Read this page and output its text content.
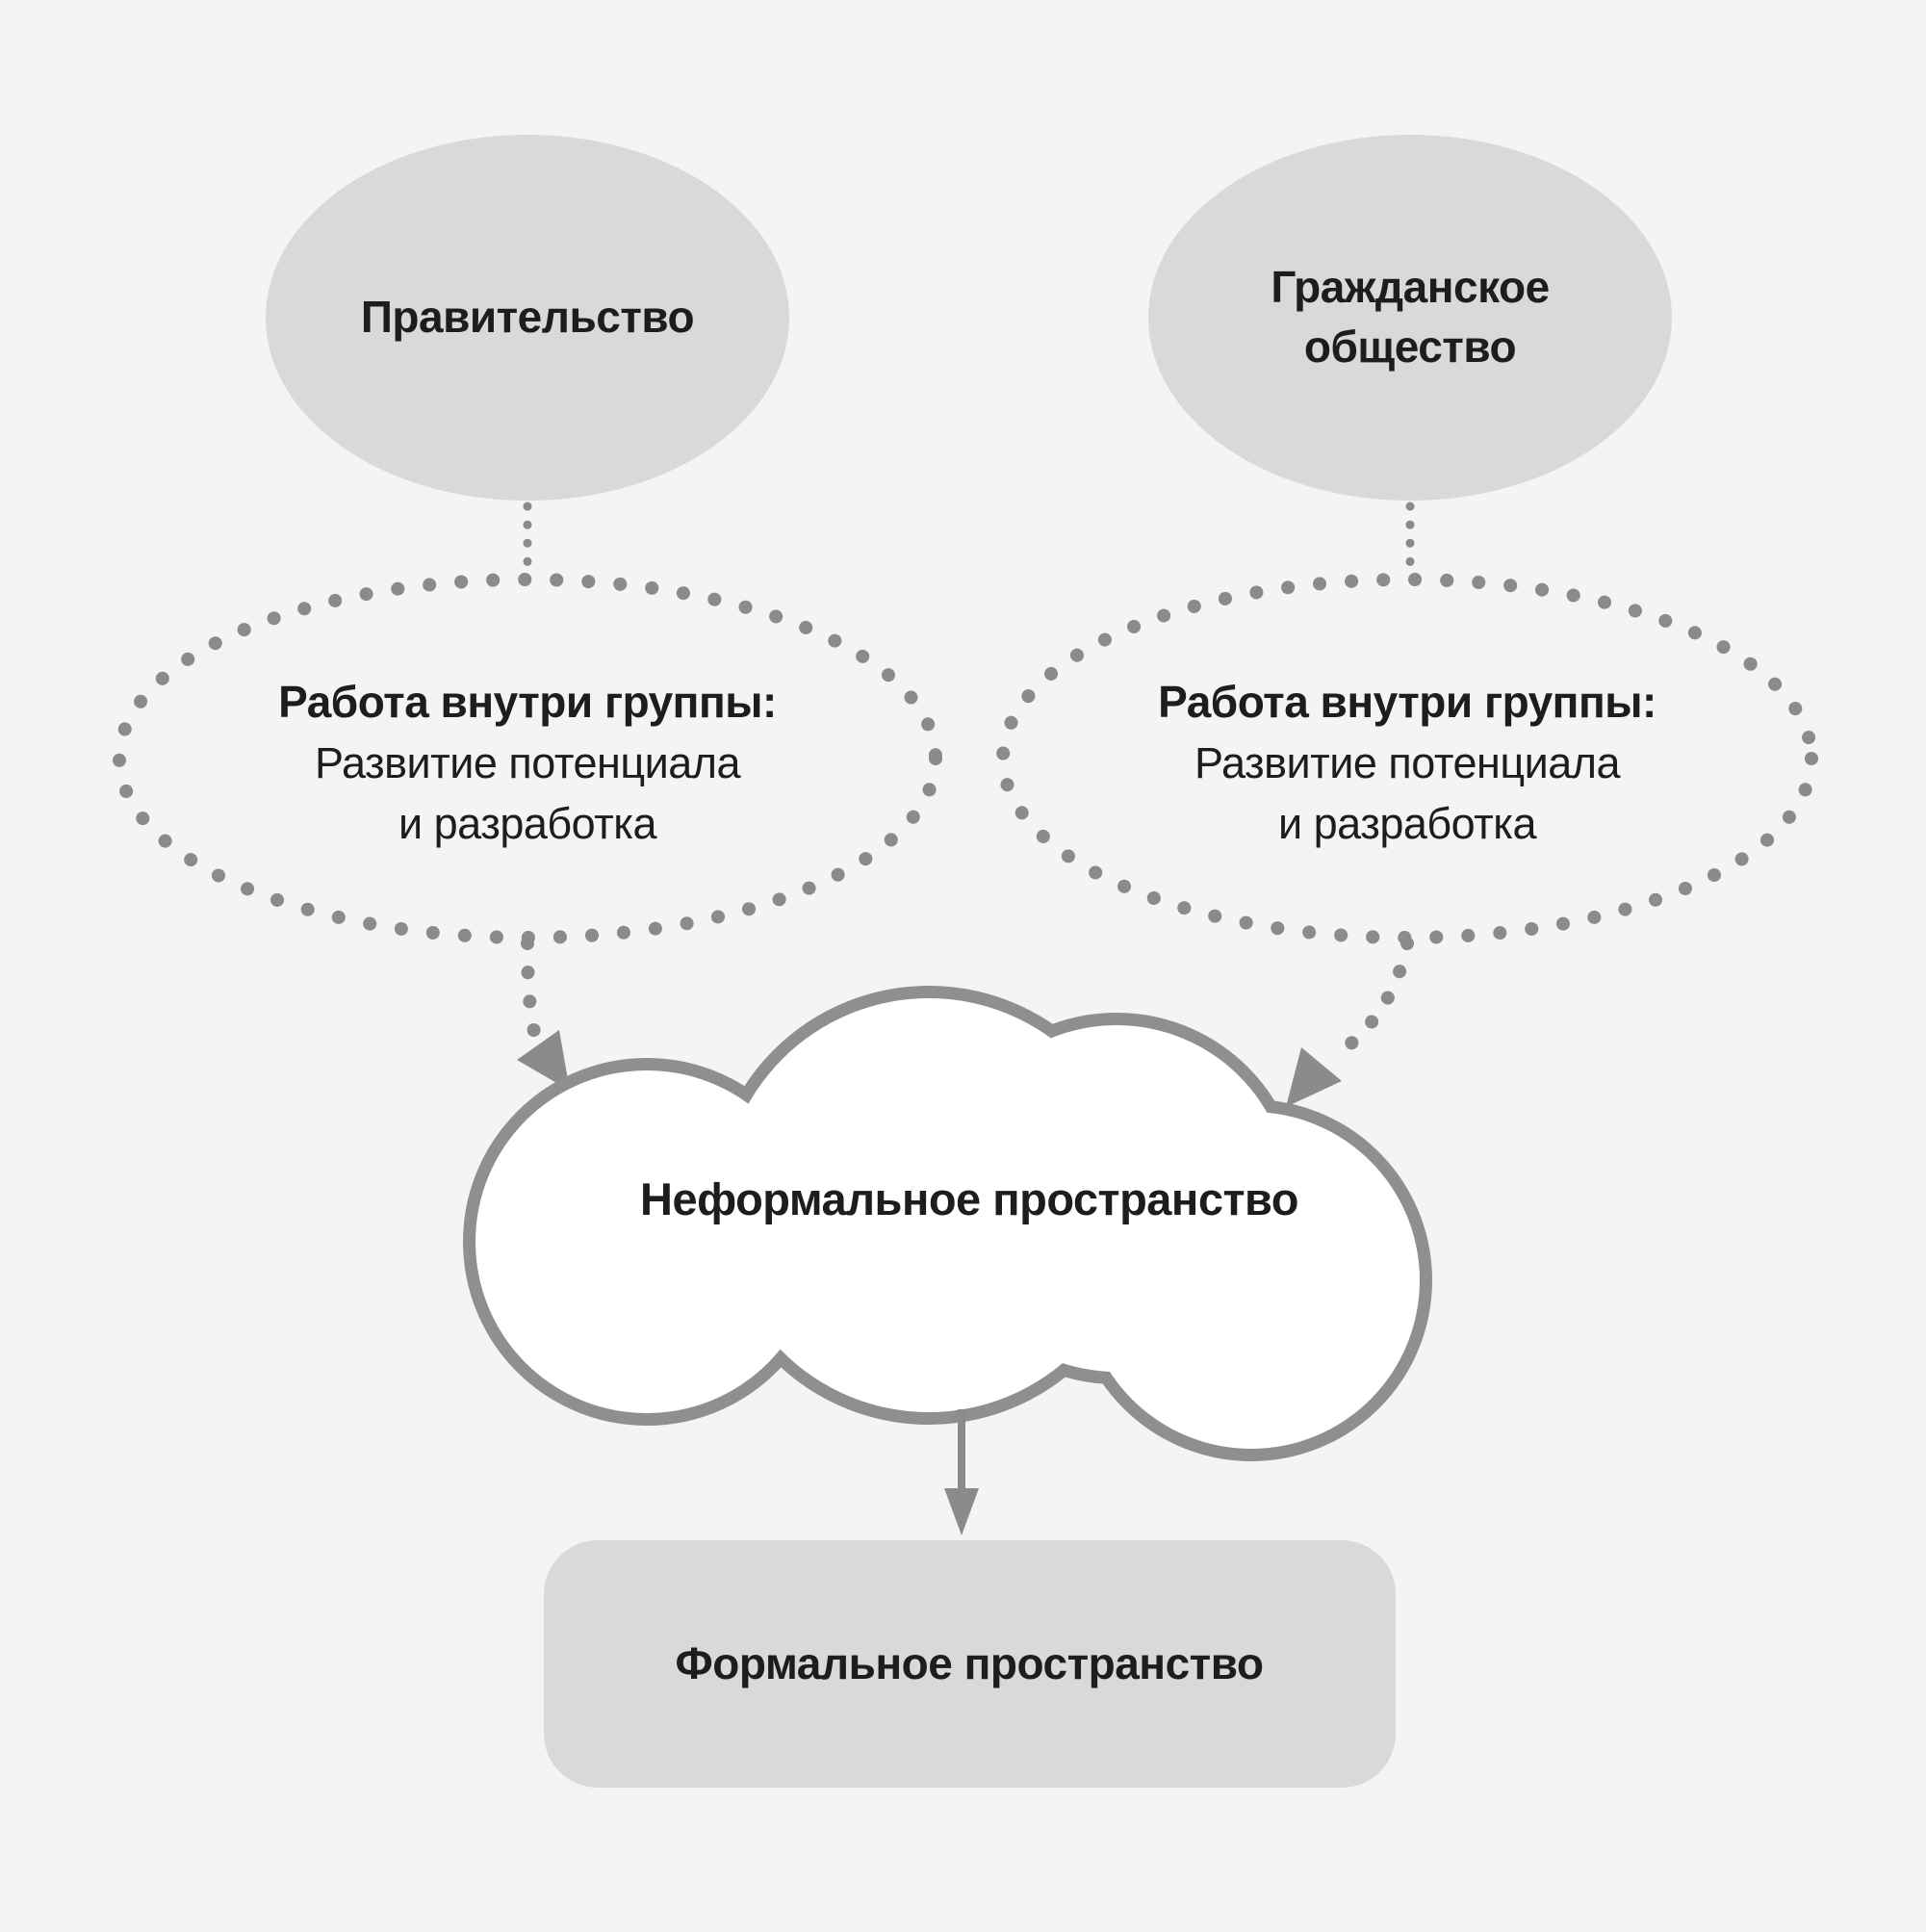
Правительство
Гражданское
общество
Работа внутри группы:
Развитие потенциала
и разработка
Работа внутри группы:
Развитие потенциала
и разработка
Неформальное пространство
Формальное пространство
